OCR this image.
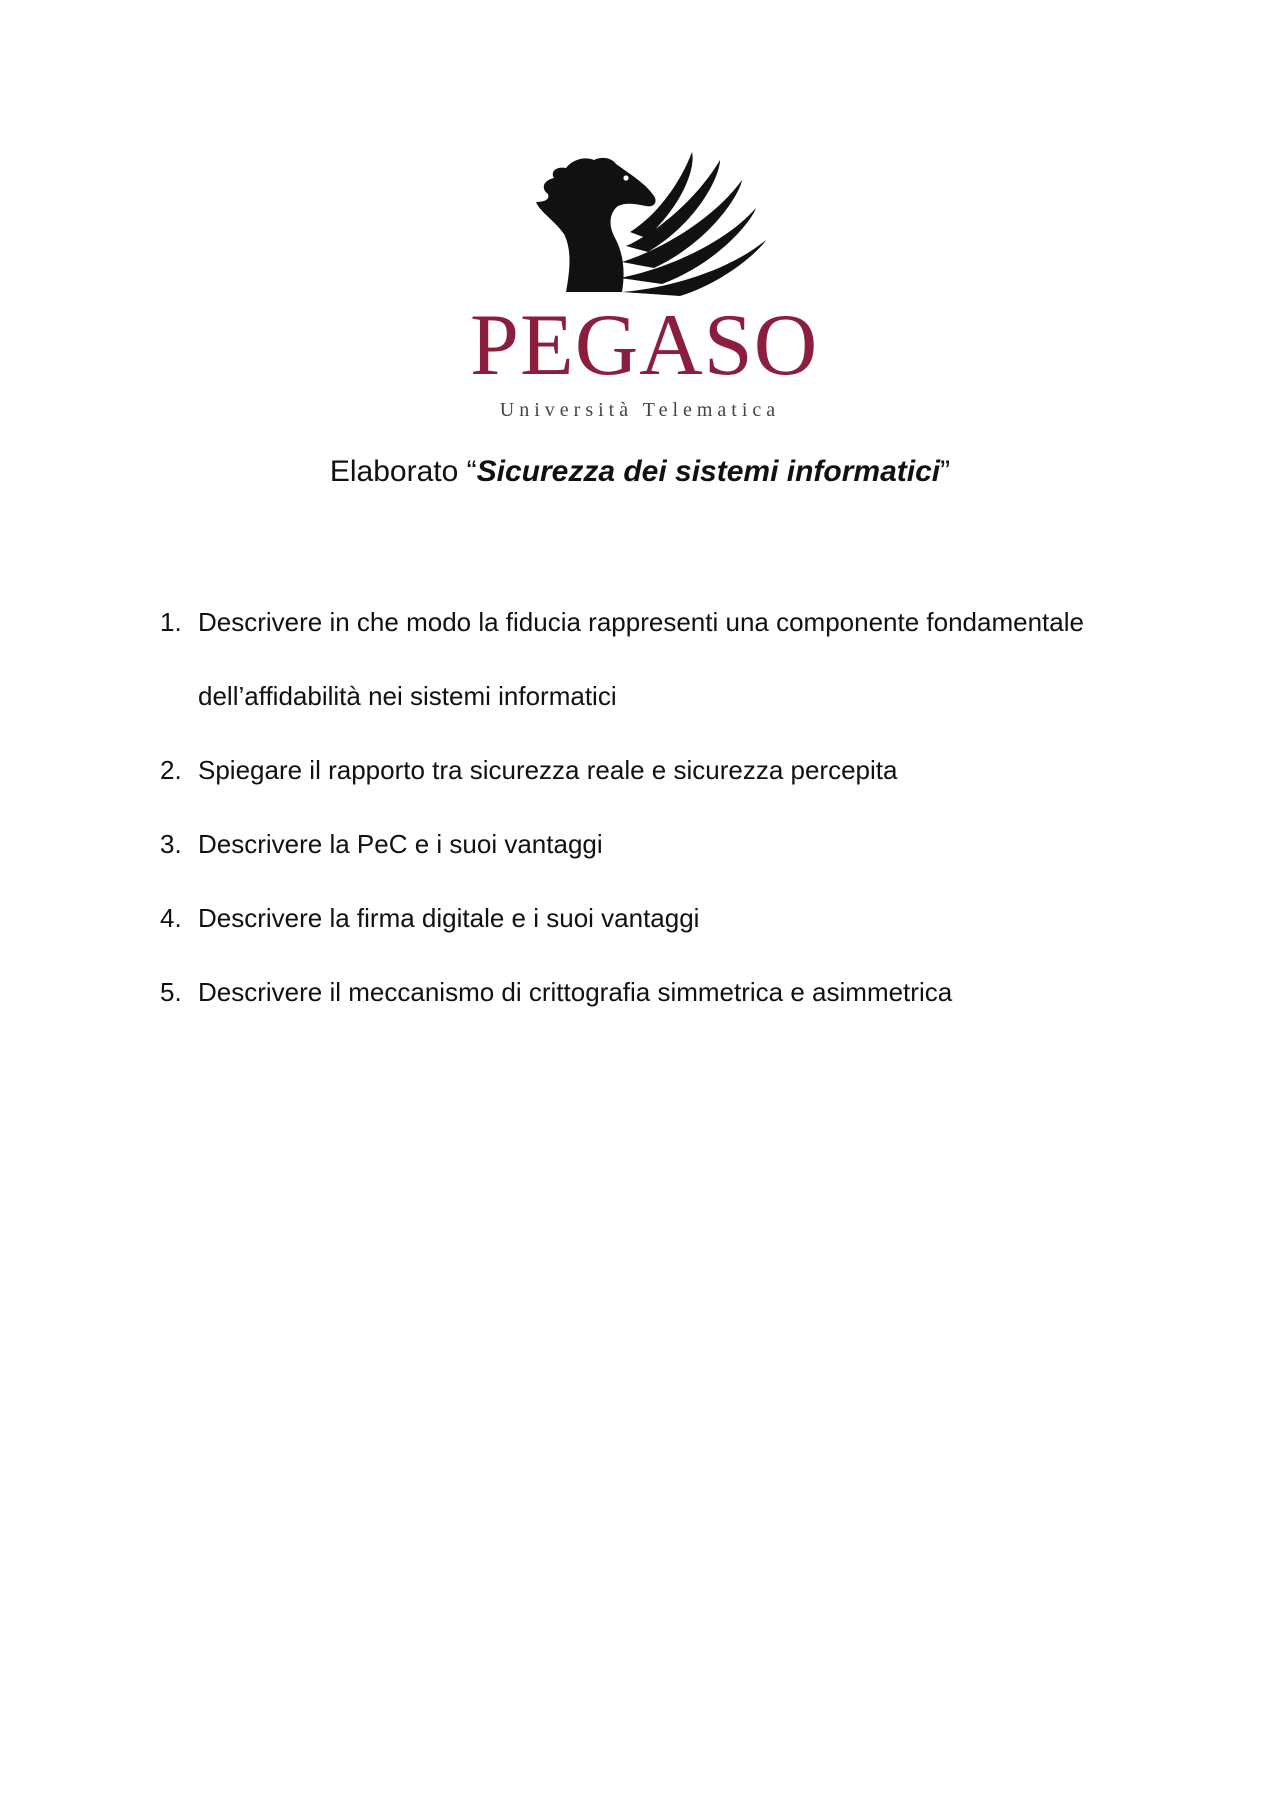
PEGASO
Università Telematica
Elaborato “Sicurezza dei sistemi informatici”
1. Descrivere in che modo la fiducia rappresenti una componente fondamentale dell’affidabilità nei sistemi informatici
2. Spiegare il rapporto tra sicurezza reale e sicurezza percepita
3. Descrivere la PeC e i suoi vantaggi
4. Descrivere la firma digitale e i suoi vantaggi
5. Descrivere il meccanismo di crittografia simmetrica e asimmetrica
